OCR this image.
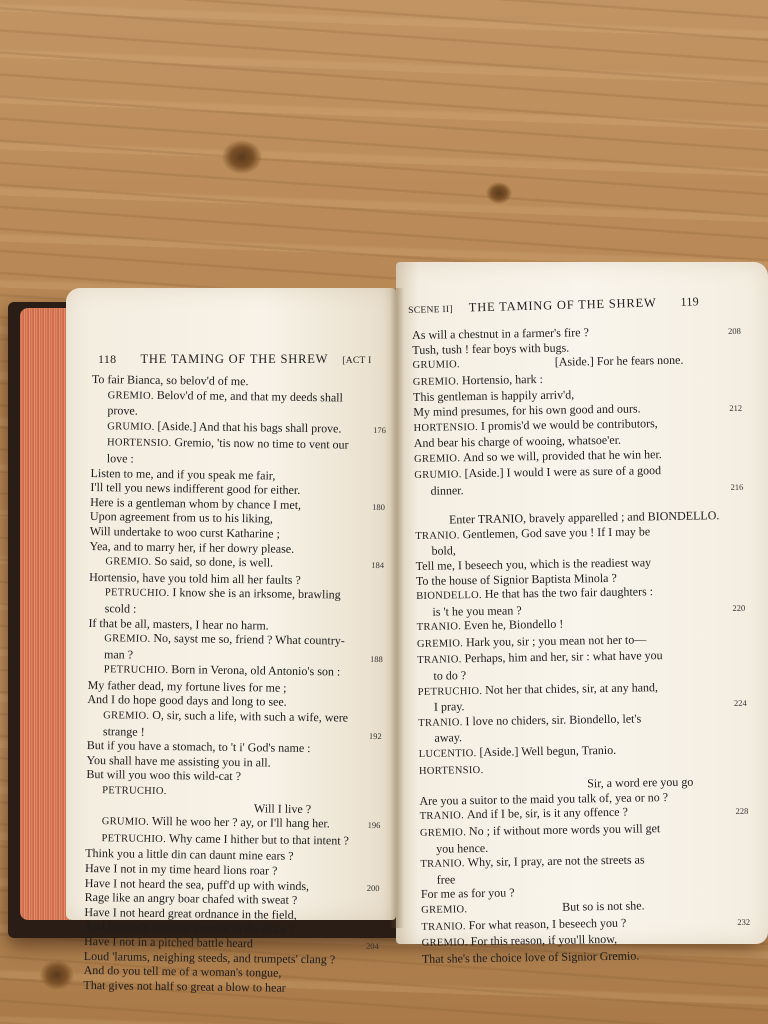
118 THE TAMING OF THE SHREW [ACT I
To fair Bianca, so belov'd of me.
GREMIO. Belov'd of me, and that my deeds shall
prove.
GRUMIO. [Aside.] And that his bags shall prove.	176
HORTENSIO. Gremio, 'tis now no time to vent our
love :
Listen to me, and if you speak me fair,
I'll tell you news indifferent good for either.
Here is a gentleman whom by chance I met,	180
Upon agreement from us to his liking,
Will undertake to woo curst Katharine ;
Yea, and to marry her, if her dowry please.
GREMIO. So said, so done, is well.	184
Hortensio, have you told him all her faults ?
PETRUCHIO. I know she is an irksome, brawling
scold :
If that be all, masters, I hear no harm.
GREMIO. No, sayst me so, friend ? What country-
man ?	188
PETRUCHIO. Born in Verona, old Antonio's son :
My father dead, my fortune lives for me ;
And I do hope good days and long to see.
GREMIO. O, sir, such a life, with such a wife, were
strange !	192
But if you have a stomach, to 't i' God's name :
You shall have me assisting you in all.
But will you woo this wild-cat ?
PETRUCHIO.
Will I live ?
GRUMIO. Will he woo her ? ay, or I'll hang her.	196
PETRUCHIO. Why came I hither but to that intent ?
Think you a little din can daunt mine ears ?
Have I not in my time heard lions roar ?
Have I not heard the sea, puff'd up with winds,	200
Rage like an angry boar chafed with sweat ?
Have I not heard great ordnance in the field,
And heaven's artillery thunder in the skies ?
Have I not in a pitched battle heard	204
Loud 'larums, neighing steeds, and trumpets' clang ?
And do you tell me of a woman's tongue,
That gives not half so great a blow to hear
SCENE II] THE TAMING OF THE SHREW 119
As will a chestnut in a farmer's fire ?	208
Tush, tush ! fear boys with bugs.
GRUMIO.	[Aside.] For he fears none.
GREMIO. Hortensio, hark :
This gentleman is happily arriv'd,
My mind presumes, for his own good and ours.	212
HORTENSIO. I promis'd we would be contributors,
And bear his charge of wooing, whatsoe'er.
GREMIO. And so we will, provided that he win her.
GRUMIO. [Aside.] I would I were as sure of a good
dinner.	216

Enter TRANIO, bravely apparelled ; and BIONDELLO.
TRANIO. Gentlemen, God save you ! If I may be
bold,
Tell me, I beseech you, which is the readiest way
To the house of Signior Baptista Minola ?
BIONDELLO. He that has the two fair daughters :
is 't he you mean ?	220
TRANIO. Even he, Biondello !
GREMIO. Hark you, sir ; you mean not her to—
TRANIO. Perhaps, him and her, sir : what have you
to do ?
PETRUCHIO. Not her that chides, sir, at any hand,
I pray.	224
TRANIO. I love no chiders, sir. Biondello, let's
away.
LUCENTIO. [Aside.] Well begun, Tranio.
HORTENSIO.
Sir, a word ere you go
Are you a suitor to the maid you talk of, yea or no ?
TRANIO. And if I be, sir, is it any offence ?	228
GREMIO. No ; if without more words you will get
you hence.
TRANIO. Why, sir, I pray, are not the streets as
free
For me as for you ?
GREMIO.	But so is not she.
TRANIO. For what reason, I beseech you ?	232
GREMIO. For this reason, if you'll know,
That she's the choice love of Signior Gremio.
